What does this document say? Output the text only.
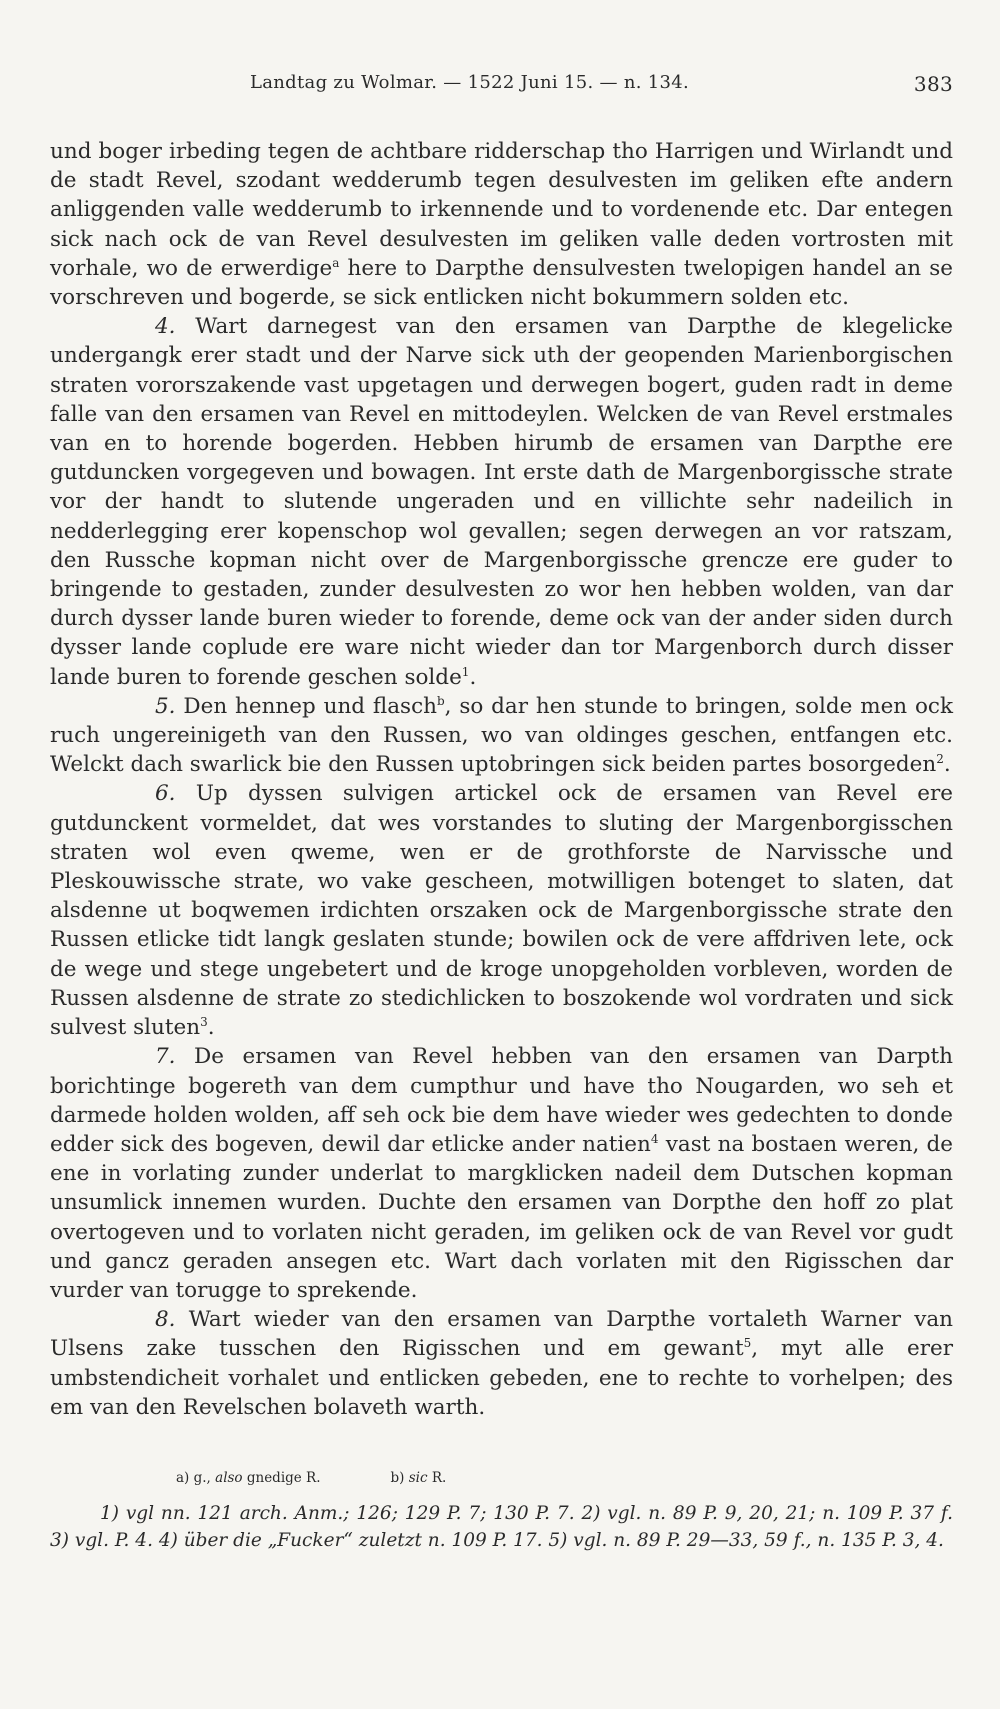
Landtag zu Wolmar. — 1522 Juni 15. — n. 134.	383

und boger irbeding tegen de achtbare ridderschap tho Harrigen und Wirlandt und de stadt Revel, szodant wedderumb tegen desulvesten im geliken efte andern anliggenden valle wedderumb to irkennende und to vordenende etc. Dar entegen sick nach ock de van Revel desulvesten im geliken valle deden vortrosten mit vorhale, wo de erwerdige$^a$ here to Darpthe densulvesten twelopigen handel an se vorschreven und bogerde, se sick entlicken nicht bokummern solden etc.

4. Wart darnegest van den ersamen van Darpthe de klegelicke undergangk erer stadt und der Narve sick uth der geopenden Marienborgischen straten vororszakende vast upgetagen und derwegen bogert, guden radt in deme falle van den ersamen van Revel en mittodeylen. Welcken de van Revel erstmales van en to horende bogerden. Hebben hirumb de ersamen van Darpthe ere gutduncken vorgegeven und bowagen. Int erste dath de Margenborgissche strate vor der handt to slutende ungeraden und en villichte sehr nadeilich in nedderlegging erer kopenschop wol gevallen; segen derwegen an vor ratszam, den Russche kopman nicht over de Margenborgissche grencze ere guder to bringende to gestaden, zunder desulvesten zo wor hen hebben wolden, van dar durch dysser lande buren wieder to forende, deme ock van der ander siden durch dysser lande coplude ere ware nicht wieder dan tor Margenborch durch disser lande buren to forende geschen solde$^1$.

5. Den hennep und flasch$^b$, so dar hen stunde to bringen, solde men ock ruch ungereinigeth van den Russen, wo van oldinges geschen, entfangen etc. Welckt dach swarlick bie den Russen uptobringen sick beiden partes bosorgeden$^2$.

6. Up dyssen sulvigen artickel ock de ersamen van Revel ere gutdunckent vormeldet, dat wes vorstandes to sluting der Margenborgisschen straten wol even qweme, wen er de grothforste de Narvissche und Pleskouwissche strate, wo vake gescheen, motwilligen botenget to slaten, dat alsdenne ut boqwemen irdichten orszaken ock de Margenborgissche strate den Russen etlicke tidt langk geslaten stunde; bowilen ock de vere affdriven lete, ock de wege und stege ungebetert und de kroge unopgeholden vorbleven, worden de Russen alsdenne de strate zo stedichlicken to boszokende wol vordraten und sick sulvest sluten$^3$.

7. De ersamen van Revel hebben van den ersamen van Darpth borichtinge bogereth van dem cumpthur und have tho Nougarden, wo seh et darmede holden wolden, aff seh ock bie dem have wieder wes gedechten to donde edder sick des bogeven, dewil dar etlicke ander natien$^4$ vast na bostaen weren, de ene in vorlating zunder underlat to margklicken nadeil dem Dutschen kopman unsumlick innemen wurden. Duchte den ersamen van Dorpthe den hoff zo plat overtogeven und to vorlaten nicht geraden, im geliken ock de van Revel vor gudt und gancz geraden ansegen etc. Wart dach vorlaten mit den Rigisschen dar vurder van torugge to sprekende.

8. Wart wieder van den ersamen van Darpthe vortaleth Warner van Ulsens zake tusschen den Rigisschen und em gewant$^5$, myt alle erer umbstendicheit vorhalet und entlicken gebeden, ene to rechte to vorhelpen; des em van den Revelschen bolaveth warth.

a) g., also gnedige R.	b) sic R.

1) vgl nn. 121 arch. Anm.; 126; 129 P. 7; 130 P. 7. 2) vgl. n. 89 P. 9, 20, 21; n. 109 P. 37 f. 3) vgl. P. 4. 4) über die „Fucker“ zuletzt n. 109 P. 17. 5) vgl. n. 89 P. 29—33, 59 f., n. 135 P. 3, 4.
